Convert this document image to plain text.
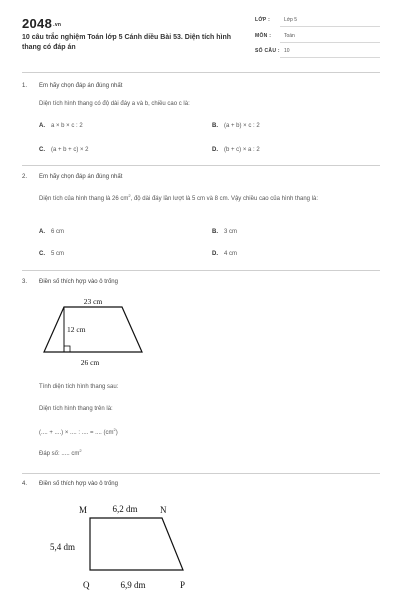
2048.vn
10 câu trắc nghiệm Toán lớp 5 Cánh diều Bài 53. Diện tích hình thang có đáp án
LỚP :	Lớp 5
MÔN :	Toán
SỐ CÂU : 10
1. Em hãy chọn đáp án đúng nhất
Diện tích hình thang có độ dài đáy a và b, chiều cao c là:
A. a × b × c : 2	B. (a + b) × c : 2
C. (a + b + c) × 2	D. (b + c) × a : 2
2. Em hãy chọn đáp án đúng nhất
Diện tích của hình thang là 26 $cm^2$, độ dài đáy lần lượt là 5 cm và 8 cm. Vậy chiều cao của hình thang là:
A. 6 cm	B. 3 cm
C. 5 cm	D. 4 cm
3. Điền số thích hợp vào ô trống
23 cm
12 cm
26 cm
Tính diện tích hình thang sau:
Diện tích hình thang trên là:
(.... + ....) × .... : .... = .... $(cm^2)$
Đáp số: ..... $cm^2$
4. Điền số thích hợp vào ô trống
M	N
Q	P
6,2 dm
5,4 dm
6,9 dm
